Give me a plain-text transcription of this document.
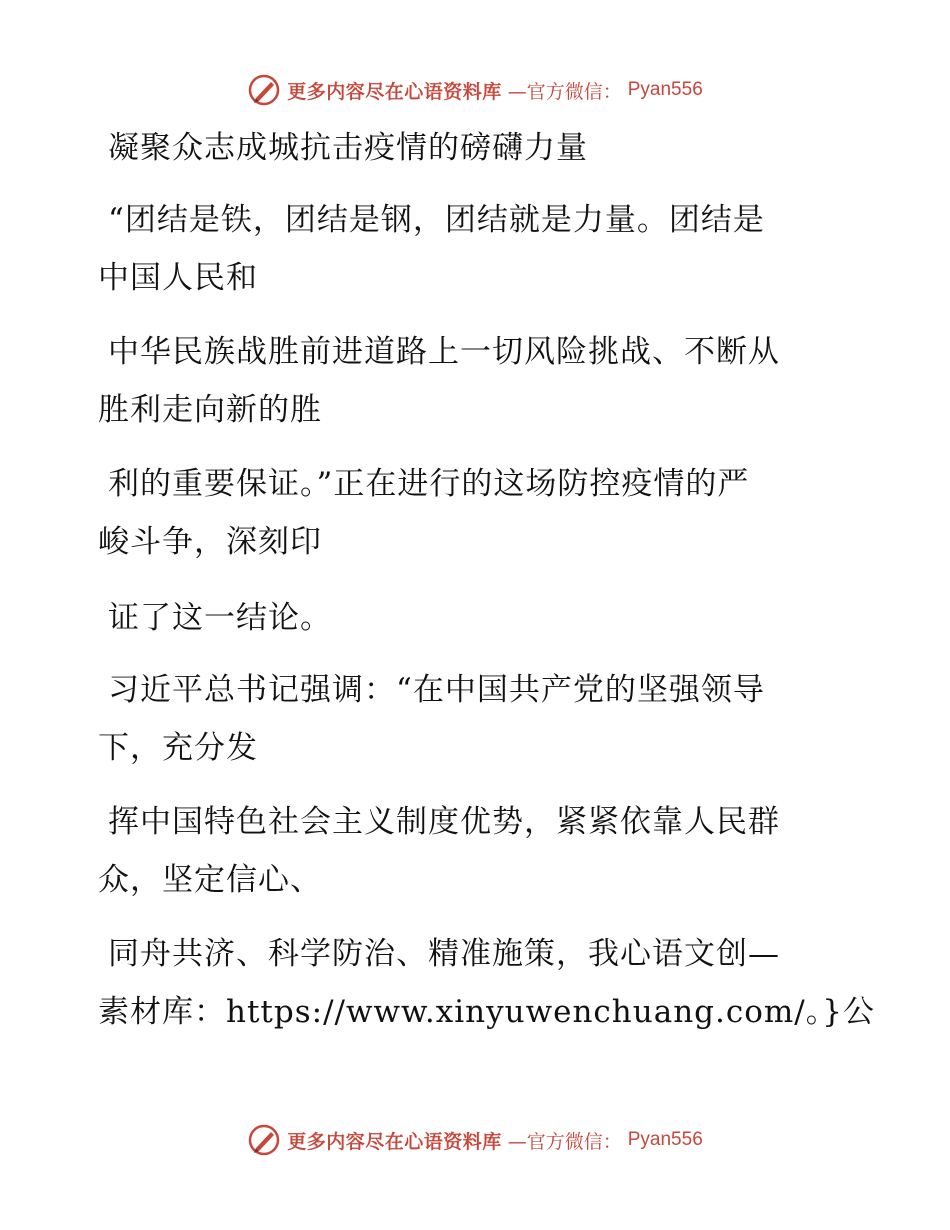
更多内容尽在心语资料库 —官方微信： Pyan556
凝聚众志成城抗击疫情的磅礴力量
“团结是铁，团结是钢，团结就是力量。团结是
中国人民和
中华民族战胜前进道路上一切风险挑战、不断从
胜利走向新的胜
利的重要保证。”正在进行的这场防控疫情的严
峻斗争，深刻印
证了这一结论。
习近平总书记强调：“在中国共产党的坚强领导
下，充分发
挥中国特色社会主义制度优势，紧紧依靠人民群
众，坚定信心、
同舟共济、科学防治、精准施策，我心语文创—
素材库：https://www.xinyuwenchuang.com/。}公
更多内容尽在心语资料库 —官方微信： Pyan556
